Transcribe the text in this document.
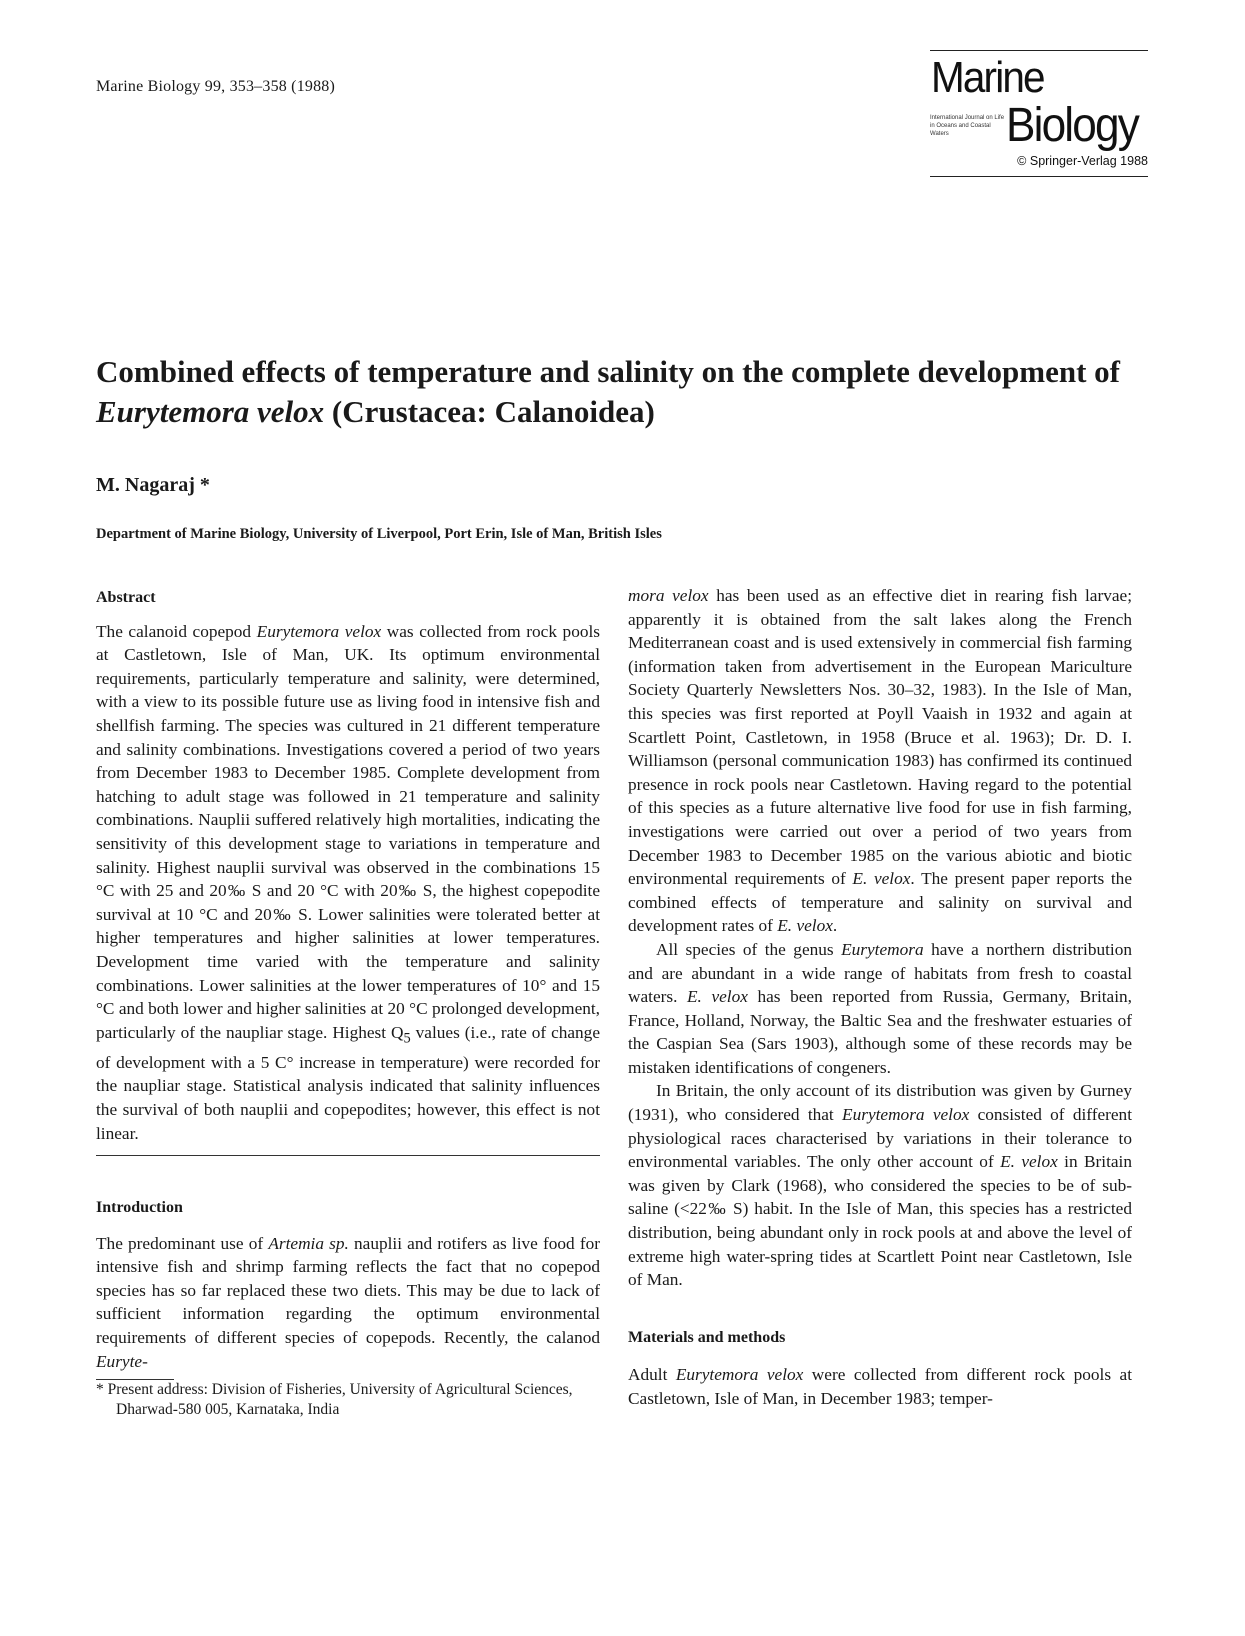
Marine Biology 99, 353–358 (1988)	Marine
International Journal on Life in Oceans and Coastal Waters	Biology
© Springer-Verlag 1988
Combined effects of temperature and salinity on the complete development of Eurytemora velox (Crustacea: Calanoidea)
M. Nagaraj *
Department of Marine Biology, University of Liverpool, Port Erin, Isle of Man, British Isles

Abstract

The calanoid copepod Eurytemora velox was collected from rock pools at Castletown, Isle of Man, UK. Its optimum environmental requirements, particularly temperature and salinity, were determined, with a view to its possible future use as living food in intensive fish and shellfish farming. The species was cultured in 21 different temperature and salinity combinations. Investigations covered a period of two years from December 1983 to December 1985. Complete development from hatching to adult stage was followed in 21 temperature and salinity combinations. Nauplii suffered relatively high mortalities, indicating the sensitivity of this development stage to variations in temperature and salinity. Highest nauplii survival was observed in the combinations 15 °C with 25 and 20‰ S and 20 °C with 20‰ S, the highest copepodite survival at 10 °C and 20‰ S. Lower salinities were tolerated better at higher temperatures and higher salinities at lower temperatures. Development time varied with the temperature and salinity combinations. Lower salinities at the lower temperatures of 10° and 15 °C and both lower and higher salinities at 20 °C prolonged development, particularly of the naupliar stage. Highest $Q_5$ values (i.e., rate of change of development with a 5 C° increase in temperature) were recorded for the naupliar stage. Statistical analysis indicated that salinity influences the survival of both nauplii and copepodites; however, this effect is not linear.

Introduction

The predominant use of Artemia sp. nauplii and rotifers as live food for intensive fish and shrimp farming reflects the fact that no copepod species has so far replaced these two diets. This may be due to lack of sufficient information regarding the optimum environmental requirements of different species of copepods. Recently, the calanod Euryte-

* Present address: Division of Fisheries, University of Agricultural Sciences, Dharwad-580 005, Karnataka, India

mora velox has been used as an effective diet in rearing fish larvae; apparently it is obtained from the salt lakes along the French Mediterranean coast and is used extensively in commercial fish farming (information taken from advertisement in the European Mariculture Society Quarterly Newsletters Nos. 30–32, 1983). In the Isle of Man, this species was first reported at Poyll Vaaish in 1932 and again at Scartlett Point, Castletown, in 1958 (Bruce et al. 1963); Dr. D. I. Williamson (personal communication 1983) has confirmed its continued presence in rock pools near Castletown. Having regard to the potential of this species as a future alternative live food for use in fish farming, investigations were carried out over a period of two years from December 1983 to December 1985 on the various abiotic and biotic environmental requirements of E. velox. The present paper reports the combined effects of temperature and salinity on survival and development rates of E. velox.

All species of the genus Eurytemora have a northern distribution and are abundant in a wide range of habitats from fresh to coastal waters. E. velox has been reported from Russia, Germany, Britain, France, Holland, Norway, the Baltic Sea and the freshwater estuaries of the Caspian Sea (Sars 1903), although some of these records may be mistaken identifications of congeners.

In Britain, the only account of its distribution was given by Gurney (1931), who considered that Eurytemora velox consisted of different physiological races characterised by variations in their tolerance to environmental variables. The only other account of E. velox in Britain was given by Clark (1968), who considered the species to be of sub-saline (<22‰ S) habit. In the Isle of Man, this species has a restricted distribution, being abundant only in rock pools at and above the level of extreme high water-spring tides at Scartlett Point near Castletown, Isle of Man.

Materials and methods

Adult Eurytemora velox were collected from different rock pools at Castletown, Isle of Man, in December 1983; temper-
